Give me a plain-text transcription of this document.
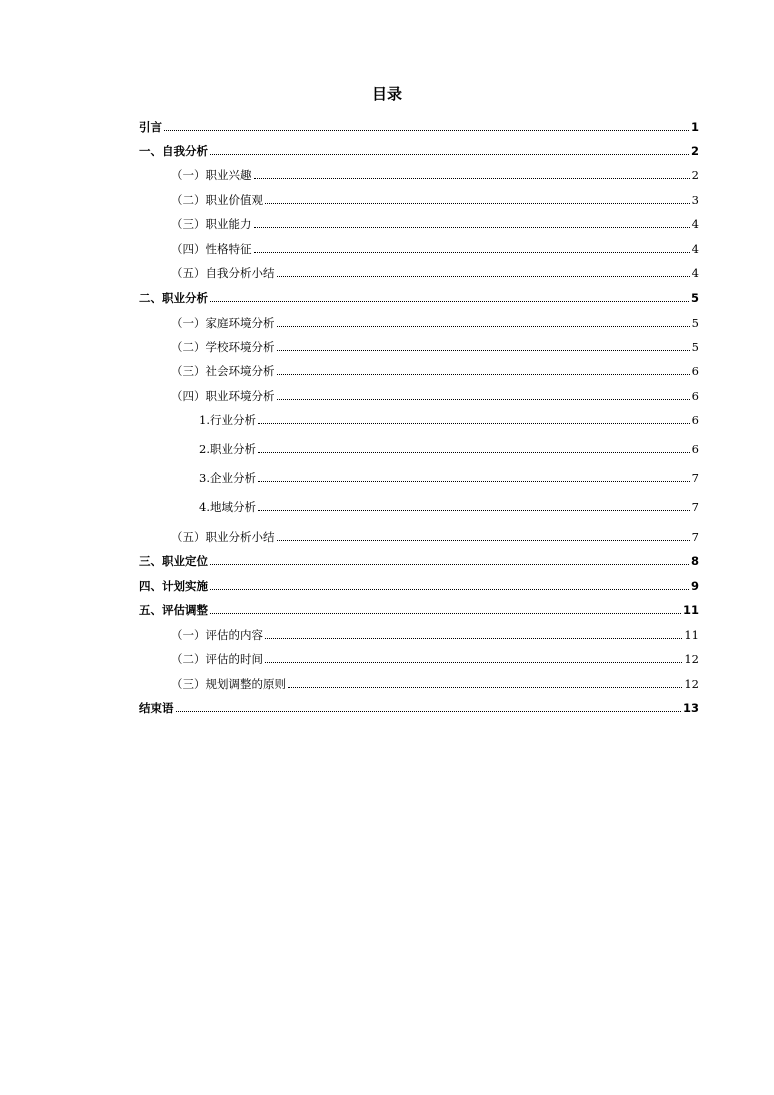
目录
引言	1
一、自我分析	2
（一）职业兴趣	2
（二）职业价值观	3
（三）职业能力	4
（四）性格特征	4
（五）自我分析小结	4
二、职业分析	5
（一）家庭环境分析	5
（二）学校环境分析	5
（三）社会环境分析	6
（四）职业环境分析	6
1.行业分析	6
2.职业分析	6
3.企业分析	7
4.地域分析	7
（五）职业分析小结	7
三、职业定位	8
四、计划实施	9
五、评估调整	11
（一）评估的内容	11
（二）评估的时间	12
（三）规划调整的原则	12
结束语	13
